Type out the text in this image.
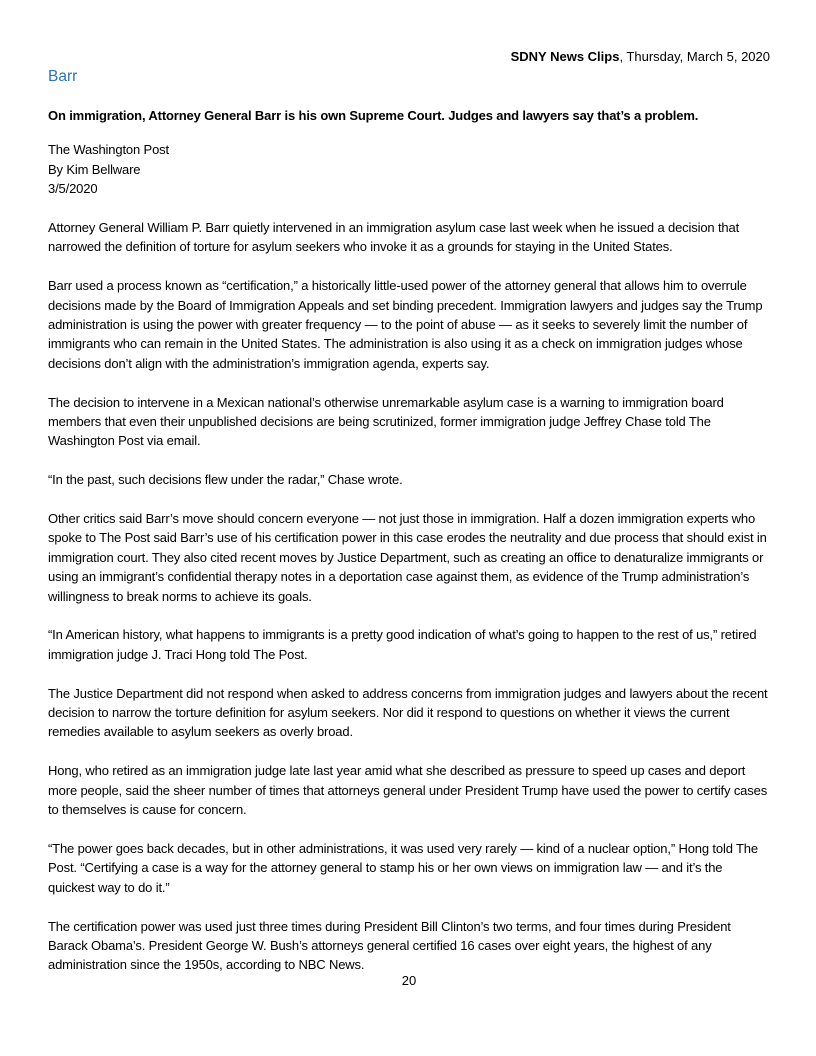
SDNY News Clips, Thursday, March 5, 2020
Barr
On immigration, Attorney General Barr is his own Supreme Court. Judges and lawyers say that’s a problem.
The Washington Post
By Kim Bellware
3/5/2020

Attorney General William P. Barr quietly intervened in an immigration asylum case last week when he issued a decision that narrowed the definition of torture for asylum seekers who invoke it as a grounds for staying in the United States.

Barr used a process known as “certification,” a historically little-used power of the attorney general that allows him to overrule decisions made by the Board of Immigration Appeals and set binding precedent. Immigration lawyers and judges say the Trump administration is using the power with greater frequency — to the point of abuse — as it seeks to severely limit the number of immigrants who can remain in the United States. The administration is also using it as a check on immigration judges whose decisions don’t align with the administration’s immigration agenda, experts say.

The decision to intervene in a Mexican national’s otherwise unremarkable asylum case is a warning to immigration board members that even their unpublished decisions are being scrutinized, former immigration judge Jeffrey Chase told The Washington Post via email.

“In the past, such decisions flew under the radar,” Chase wrote.

Other critics said Barr’s move should concern everyone — not just those in immigration. Half a dozen immigration experts who spoke to The Post said Barr’s use of his certification power in this case erodes the neutrality and due process that should exist in immigration court. They also cited recent moves by Justice Department, such as creating an office to denaturalize immigrants or using an immigrant’s confidential therapy notes in a deportation case against them, as evidence of the Trump administration’s willingness to break norms to achieve its goals.

“In American history, what happens to immigrants is a pretty good indication of what’s going to happen to the rest of us,” retired immigration judge J. Traci Hong told The Post.

The Justice Department did not respond when asked to address concerns from immigration judges and lawyers about the recent decision to narrow the torture definition for asylum seekers. Nor did it respond to questions on whether it views the current remedies available to asylum seekers as overly broad.

Hong, who retired as an immigration judge late last year amid what she described as pressure to speed up cases and deport more people, said the sheer number of times that attorneys general under President Trump have used the power to certify cases to themselves is cause for concern.

“The power goes back decades, but in other administrations, it was used very rarely — kind of a nuclear option,” Hong told The Post. “Certifying a case is a way for the attorney general to stamp his or her own views on immigration law — and it’s the quickest way to do it.”

The certification power was used just three times during President Bill Clinton’s two terms, and four times during President Barack Obama’s. President George W. Bush’s attorneys general certified 16 cases over eight years, the highest of any administration since the 1950s, according to NBC News.

20
